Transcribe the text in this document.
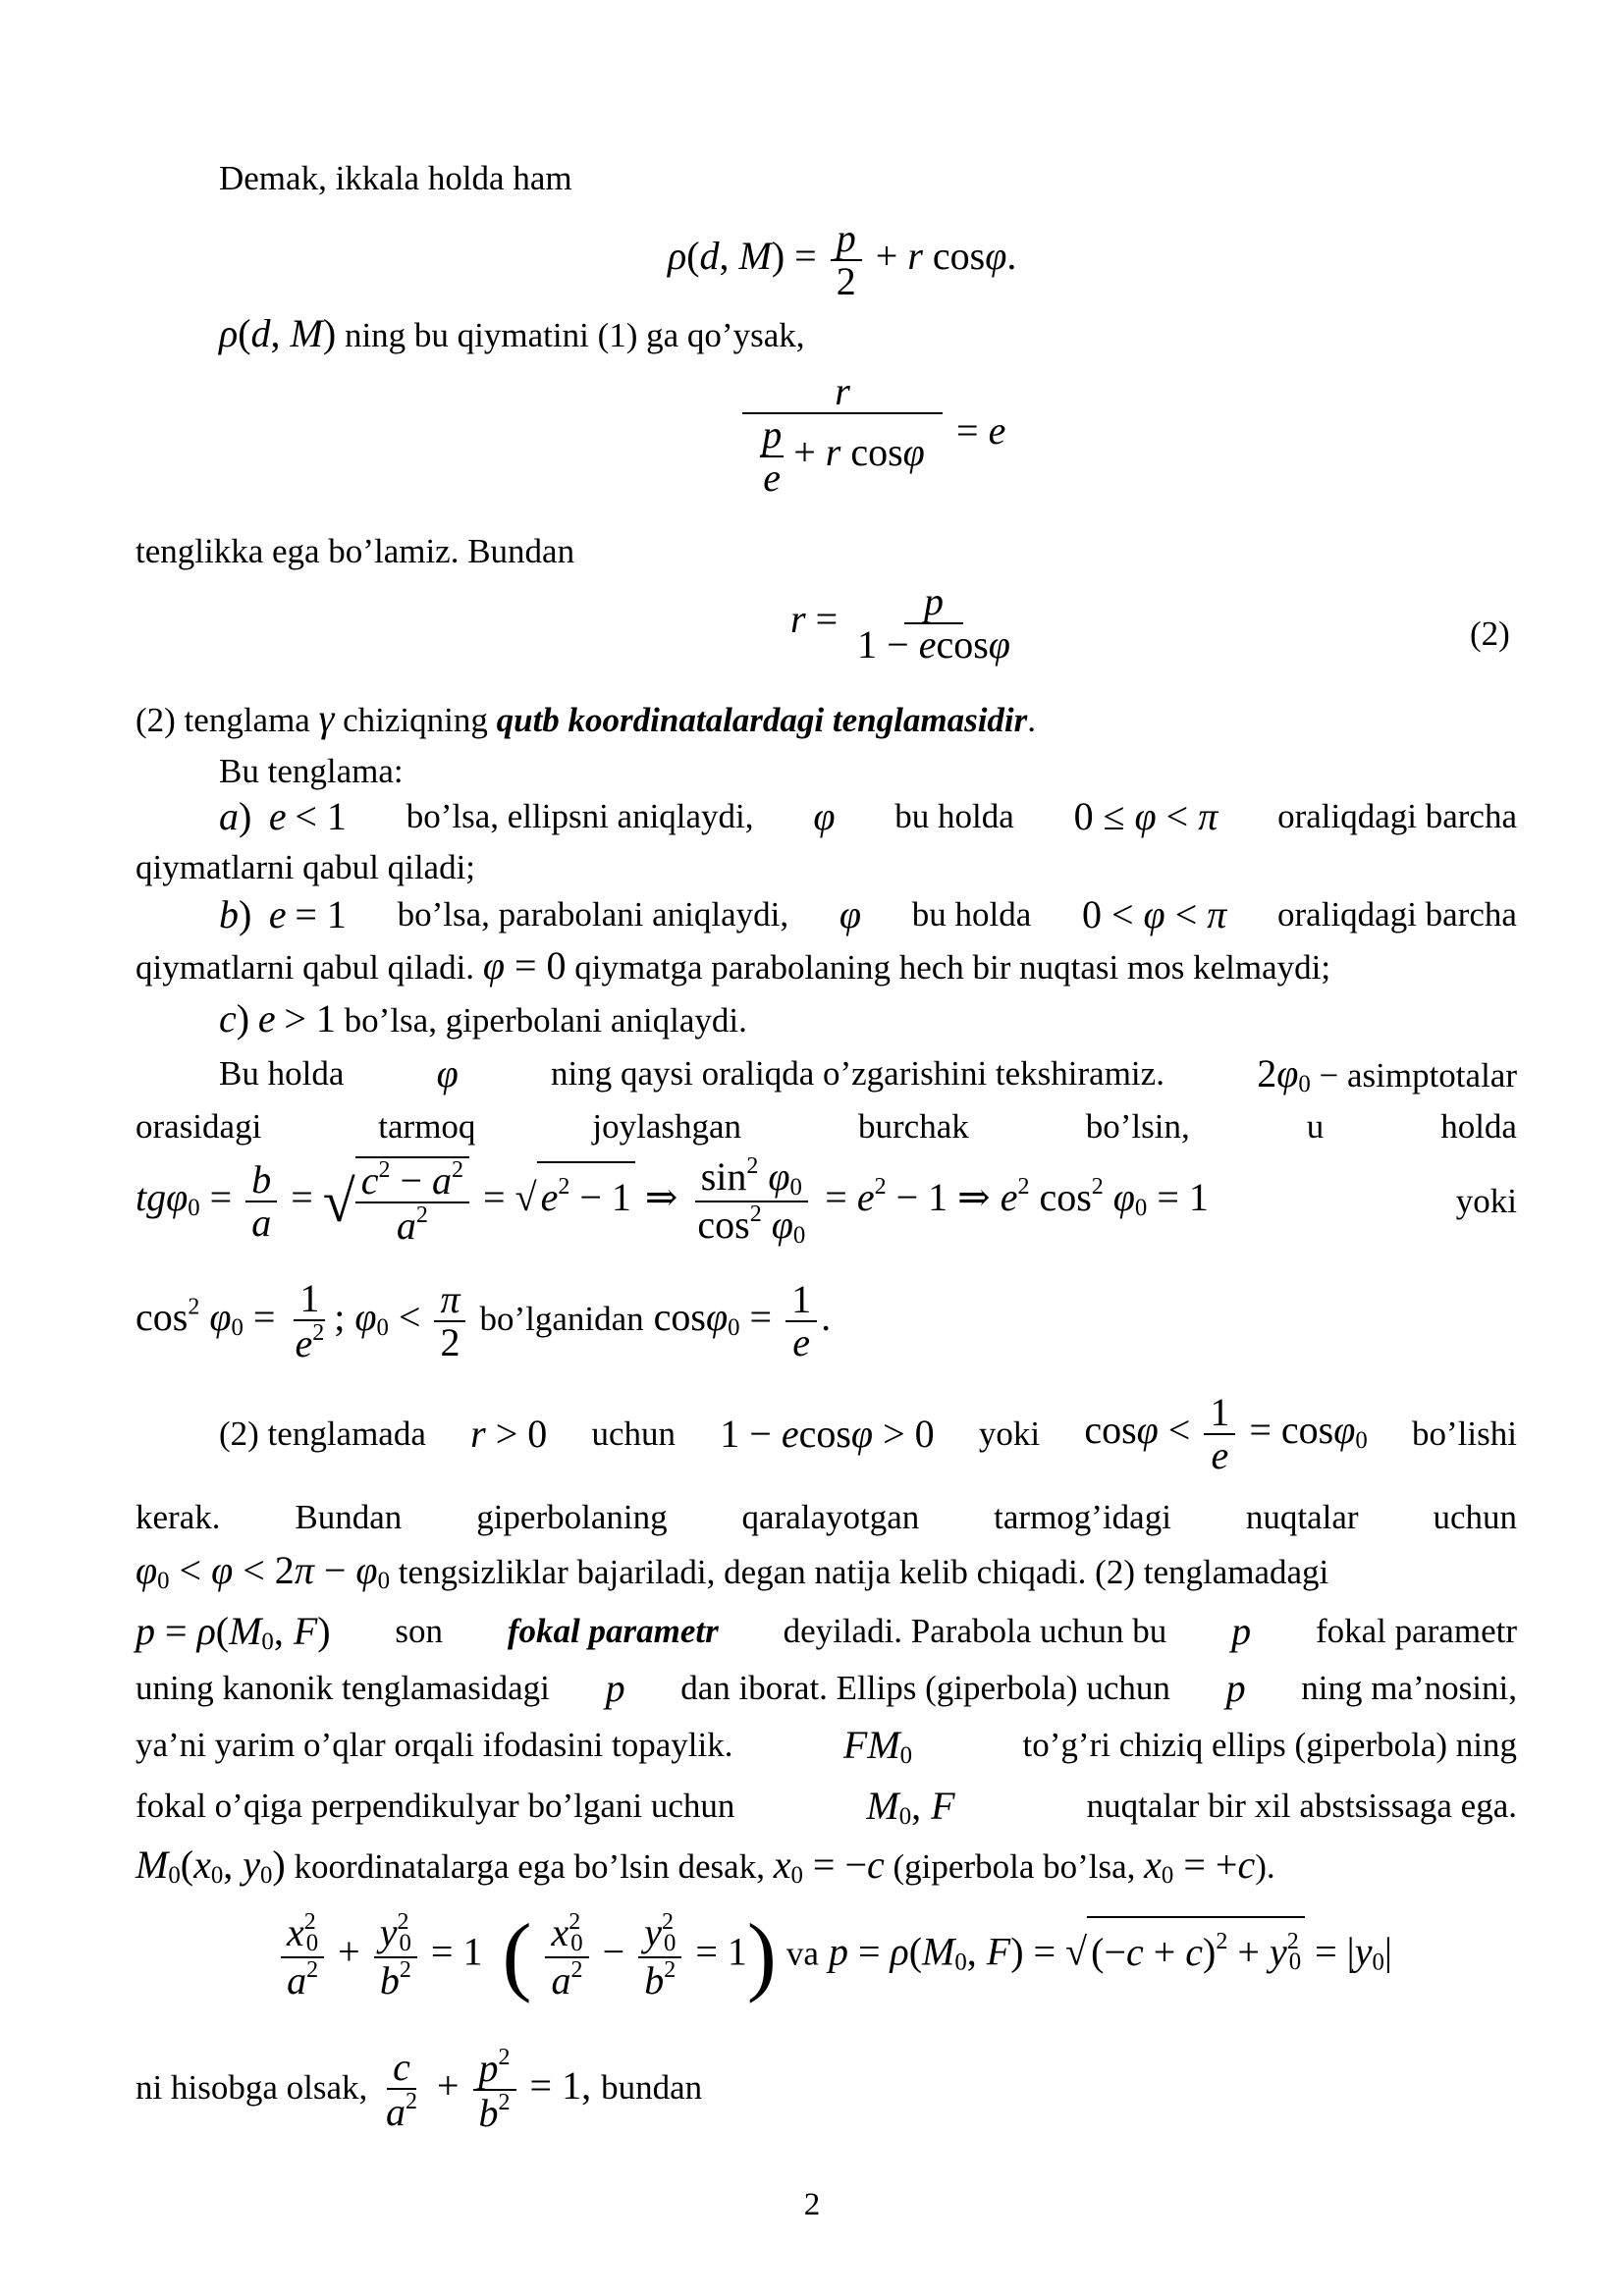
Demak, ikkala holda ham
ρ(d, $M) = \frac{p}{2} + r$ cosφ.
ρ(d, M) ning bu qiymatini (1) ga qo’ysak,
$\frac{r}{\frac{p}{e} + r \cos\varphi} = e$
tenglikka ega bo’lamiz. Bundan
$r = \frac{p}{1 - ecos\varphi}$	(2)
(2) tenglama γ chiziqning qutb koordinatalardagi tenglamasidir.
Bu tenglama:
a) e < 1 bo’lsa, ellipsni aniqlaydi, φ bu holda 0 ≤ φ < π oraliqdagi barcha
qiymatlarni qabul qiladi;
b) e = 1 bo’lsa, parabolani aniqlaydi, φ bu holda 0 < φ < π oraliqdagi barcha
qiymatlarni qabul qiladi. φ = 0 qiymatga parabolaning hech bir nuqtasi mos kelmaydi;
c) e > 1 bo’lsa, giperbolani aniqlaydi.
Bu holda φ	ning qaysi oraliqda o’zgarishini tekshiramiz. 2φ0 − asimptotalar
orasidagi	tarmoq	joylashgan	burchak	bo’lsin,	u	holda
$tg\varphi 0 = \frac{b}{a}$ = √ $\frac{c^2 - a^2}{a^2}$ = √ $e^2 - 1$ ⇒ $\frac{\sin^2 \varphi 0}{\cos^2 \varphi 0} = e^2 - 1$ ⇒ $e^2$ $\cos^2 \varphi 0 = 1$	yoki
$\cos^2 \varphi 0 = \frac{1}{e^2}$ ; $\varphi 0 < \frac{\pi}{2}$ bo’lganidan $\cos\varphi 0 = \frac{1}{e}$ .
(2) tenglamada r > 0 uchun 1 − ecosφ > 0 yoki $\cos\varphi < \frac{1}{e} = \cos\varphi 0$ bo’lishi
kerak. Bundan giperbolaning qaralayotgan tarmog’idagi nuqtalar uchun
φ0 < φ < 2π − φ0 tengsizliklar bajariladi, degan natija kelib chiqadi. (2) tenglamadagi
p = ρ(M0, F) son fokal parametr deyiladi. Parabola uchun bu p fokal parametr
uning kanonik tenglamasidagi p dan iborat. Ellips (giperbola) uchun p ning ma’nosini,
ya’ni yarim o’qlar orqali ifodasini topaylik.	FM0	to’g’ri chiziq ellips (giperbola) ning
fokal o’qiga perpendikulyar bo’lgani uchun	M0, F	nuqtalar bir xil abstsissaga ega.
M0(x0, y0) koordinatalarga ega bo’lsin desak, x0 = −c (giperbola bo’lsa, x0 = +c).
$\frac{x^20}{a^2} + \frac{y^20}{b^2} = 1$  ( $\frac{x^20}{a^2} - \frac{y^20}{b^2} = 1$) va p = ρ(M0, F) = √ $(-c + c)^2 + y^20 = |y0|$
ni hisobga olsak, $\frac{c}{a^2} + \frac{p^2}{b^2} = 1$, bundan
2
